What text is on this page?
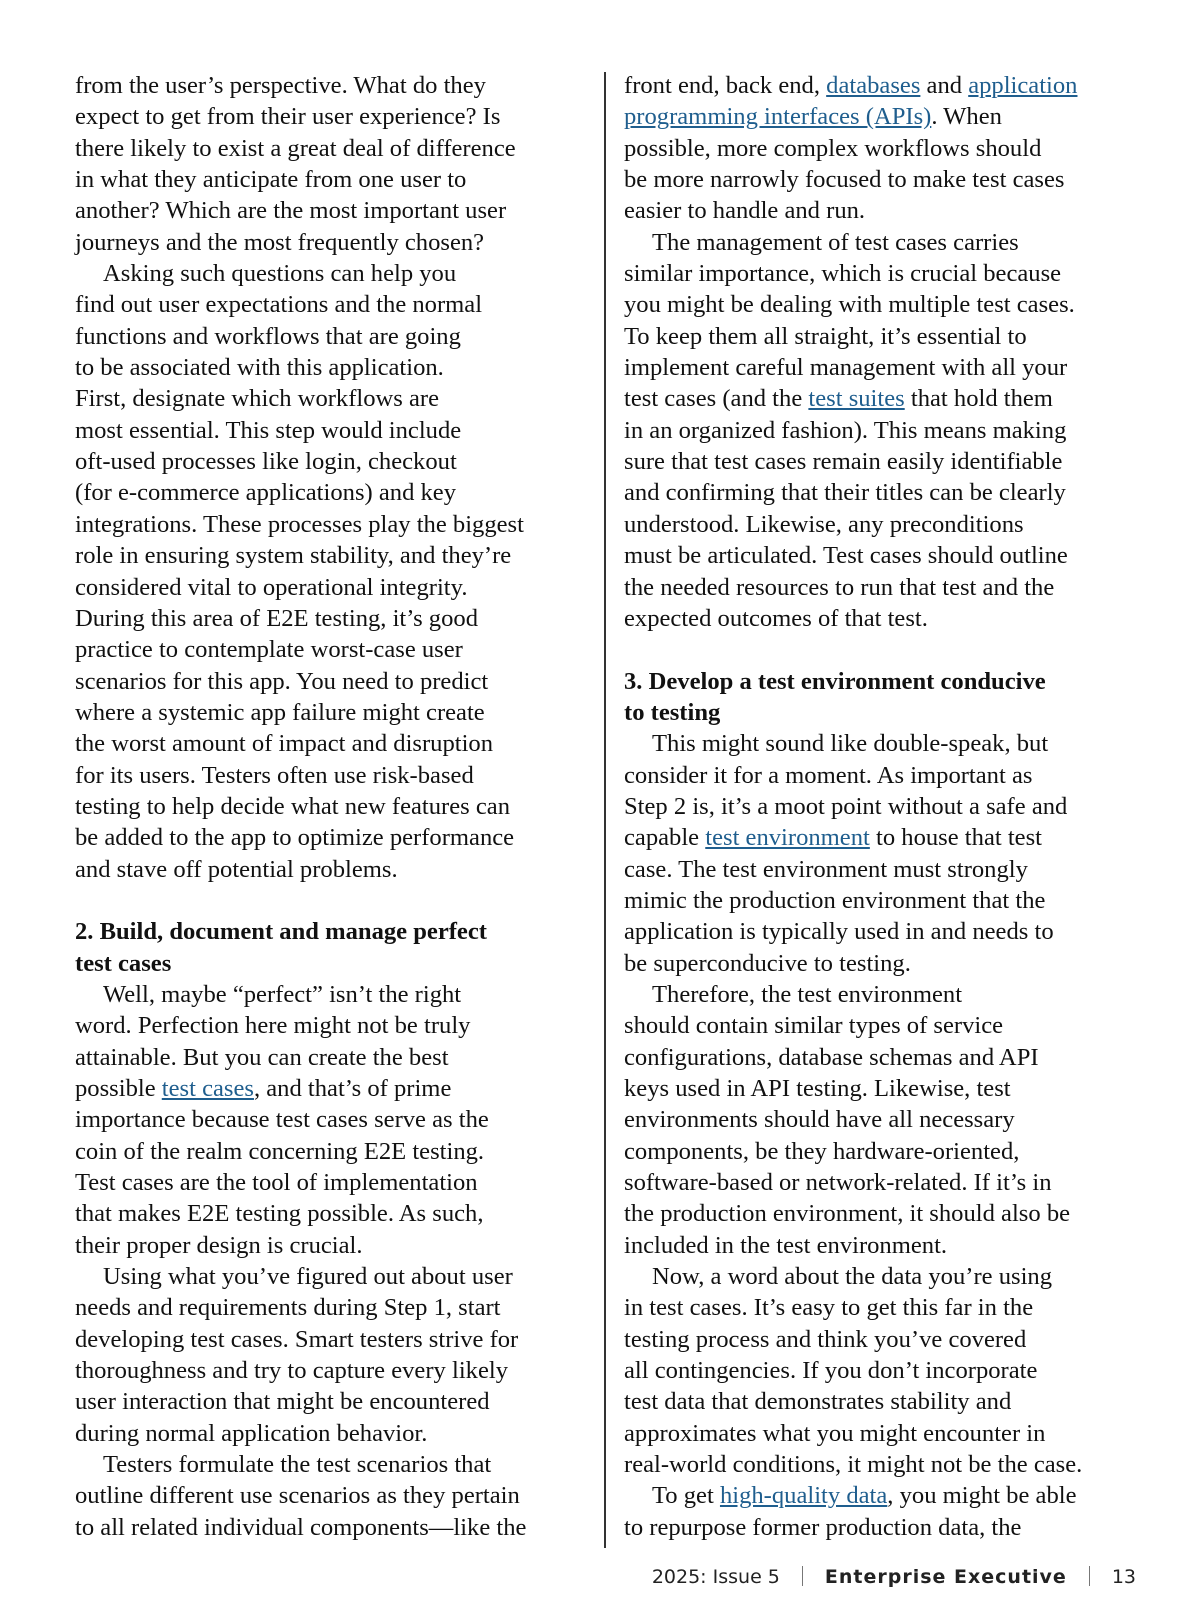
from the user’s perspective. What do they
expect to get from their user experience? Is
there likely to exist a great deal of difference
in what they anticipate from one user to
another? Which are the most important user
journeys and the most frequently chosen?
Asking such questions can help you
find out user expectations and the normal
functions and workflows that are going
to be associated with this application.
First, designate which workflows are
most essential. This step would include
oft-used processes like login, checkout
(for e-commerce applications) and key
integrations. These processes play the biggest
role in ensuring system stability, and they’re
considered vital to operational integrity.
During this area of E2E testing, it’s good
practice to contemplate worst-case user
scenarios for this app. You need to predict
where a systemic app failure might create
the worst amount of impact and disruption
for its users. Testers often use risk-based
testing to help decide what new features can
be added to the app to optimize performance
and stave off potential problems.
2. Build, document and manage perfect
test cases
Well, maybe “perfect” isn’t the right
word. Perfection here might not be truly
attainable. But you can create the best
possible test cases, and that’s of prime
importance because test cases serve as the
coin of the realm concerning E2E testing.
Test cases are the tool of implementation
that makes E2E testing possible. As such,
their proper design is crucial.
Using what you’ve figured out about user
needs and requirements during Step 1, start
developing test cases. Smart testers strive for
thoroughness and try to capture every likely
user interaction that might be encountered
during normal application behavior.
Testers formulate the test scenarios that
outline different use scenarios as they pertain
to all related individual components—like the
front end, back end, databases and application
programming interfaces (APIs). When
possible, more complex workflows should
be more narrowly focused to make test cases
easier to handle and run.
The management of test cases carries
similar importance, which is crucial because
you might be dealing with multiple test cases.
To keep them all straight, it’s essential to
implement careful management with all your
test cases (and the test suites that hold them
in an organized fashion). This means making
sure that test cases remain easily identifiable
and confirming that their titles can be clearly
understood. Likewise, any preconditions
must be articulated. Test cases should outline
the needed resources to run that test and the
expected outcomes of that test.
3. Develop a test environment conducive
to testing
This might sound like double-speak, but
consider it for a moment. As important as
Step 2 is, it’s a moot point without a safe and
capable test environment to house that test
case. The test environment must strongly
mimic the production environment that the
application is typically used in and needs to
be superconducive to testing.
Therefore, the test environment
should contain similar types of service
configurations, database schemas and API
keys used in API testing. Likewise, test
environments should have all necessary
components, be they hardware-oriented,
software-based or network-related. If it’s in
the production environment, it should also be
included in the test environment.
Now, a word about the data you’re using
in test cases. It’s easy to get this far in the
testing process and think you’ve covered
all contingencies. If you don’t incorporate
test data that demonstrates stability and
approximates what you might encounter in
real-world conditions, it might not be the case.
To get high-quality data, you might be able
to repurpose former production data, the
2025: Issue 5 Enterprise Executive 13
